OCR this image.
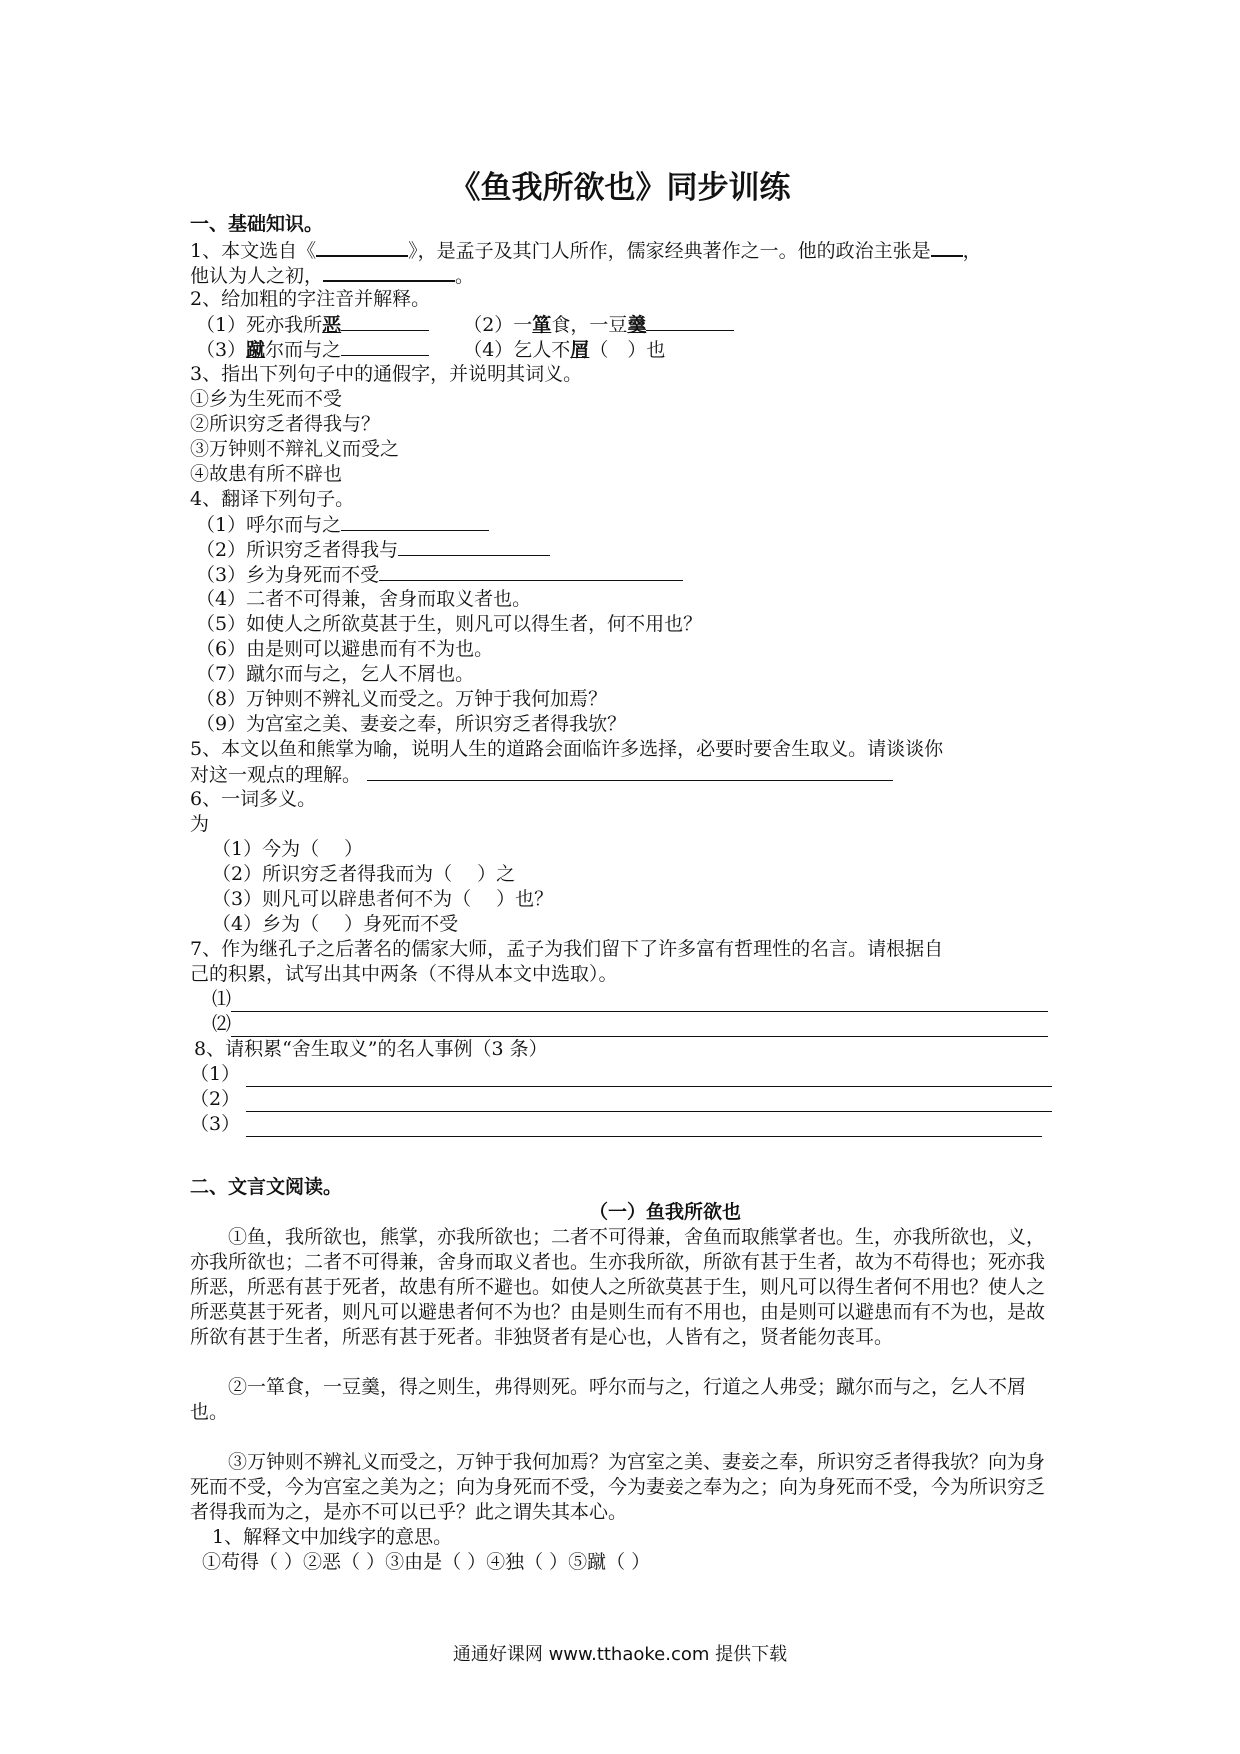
《鱼我所欲也》同步训练
一、基础知识。
1、本文选自《	》，是孟子及其门人所作，儒家经典著作之一。他的政治主张是 ，
他认为人之初，	。
2、给加粗的字注音并解释。
（1）死亦我所恶	（2）一箪食，一豆羹
（3）蹴尔而与之	（4）乞人不屑（　）也
3、指出下列句子中的通假字，并说明其词义。
①乡为生死而不受
②所识穷乏者得我与？
③万钟则不辩礼义而受之
④故患有所不辟也
4、翻译下列句子。
（1）呼尔而与之
（2）所识穷乏者得我与
（3）乡为身死而不受
（4）二者不可得兼，舍身而取义者也。
（5）如使人之所欲莫甚于生，则凡可以得生者，何不用也？
（6）由是则可以避患而有不为也。
（7）蹴尔而与之，乞人不屑也。
（8）万钟则不辨礼义而受之。万钟于我何加焉？
（9）为宫室之美、妻妾之奉，所识穷乏者得我欤？
5、本文以鱼和熊掌为喻，说明人生的道路会面临许多选择，必要时要舍生取义。请谈谈你
对这一观点的理解。
6、一词多义。
为
（1）今为（　 ）
（2）所识穷乏者得我而为（　 ）之
（3）则凡可以辟患者何不为（　 ）也？
（4）乡为（　 ）身死而不受
7、作为继孔子之后著名的儒家大师，孟子为我们留下了许多富有哲理性的名言。请根据自
己的积累，试写出其中两条（不得从本文中选取）。
⑴
⑵
8、请积累“舍生取义”的名人事例（3 条）
（1）
（2）
（3）
二、文言文阅读。
（一）鱼我所欲也
①鱼，我所欲也，熊掌，亦我所欲也；二者不可得兼，舍鱼而取熊掌者也。生，亦我所欲也，义，亦我所欲也；二者不可得兼，舍身而取义者也。生亦我所欲，所欲有甚于生者，故为不苟得也；死亦我所恶，所恶有甚于死者，故患有所不避也。如使人之所欲莫甚于生，则凡可以得生者何不用也？使人之所恶莫甚于死者，则凡可以避患者何不为也？由是则生而有不用也，由是则可以避患而有不为也，是故所欲有甚于生者，所恶有甚于死者。非独贤者有是心也，人皆有之，贤者能勿丧耳。
②一箪食，一豆羹，得之则生，弗得则死。呼尔而与之，行道之人弗受；蹴尔而与之，乞人不屑也。
③万钟则不辨礼义而受之，万钟于我何加焉？为宫室之美、妻妾之奉，所识穷乏者得我欤？向为身死而不受，今为宫室之美为之；向为身死而不受，今为妻妾之奉为之；向为身死而不受，今为所识穷乏者得我而为之，是亦不可以已乎？此之谓失其本心。
1、解释文中加线字的意思。
①苟得（ ）②恶（ ）③由是（ ）④独（ ）⑤蹴（ ）
通通好课网 www.tthaoke.com 提供下载
